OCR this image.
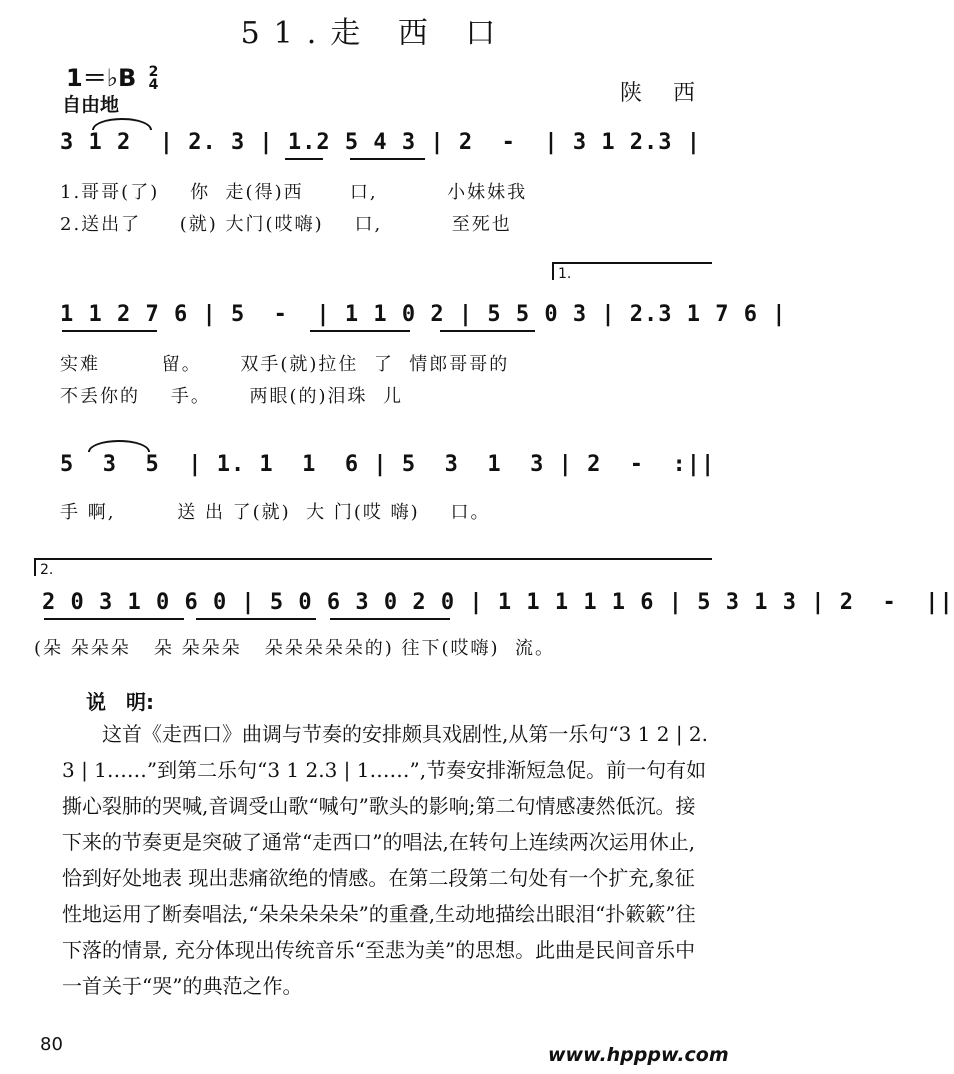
51.走 西 口
1＝♭B 2
4
自由地	陕 西
3 1 2  | 2. 3 | 1.2 5 4 3 | 2  -  | 3 1 2.3 |
1.哥哥(了)    你  走(得)西      口,         小妹妹我
2.送出了     (就) 大门(哎嗨)    口,         至死也
1.
1 1 2 7 6 | 5  -  | 1 1 0 2 | 5 5 0 3 | 2.3 1 7 6 |
实难        留。     双手(就)拉住  了  情郎哥哥的
不丢你的    手。     两眼(的)泪珠  儿
5  3  5  | 1. 1  1  6 | 5  3  1  3 | 2  -  :||
手 啊,        送 出 了(就)  大 门(哎 嗨)    口。
2.
2 0 3 1 0 6 0 | 5 0 6 3 0 2 0 | 1 1 1 1 1 6 | 5 3 1 3 | 2  -  ||
(朵 朵朵朵   朵 朵朵朵   朵朵朵朵朵的) 往下(哎嗨)  流。
说　明:
这首《走西口》曲调与节奏的安排颇具戏剧性,从第一乐句“3 1 2 | 2. 3 | 1……”到第二乐句“3 1 2.3 | 1……”,节奏安排渐短急促。前一句有如撕心裂肺的哭喊,音调受山歌“喊句”歌头的影响;第二句情感凄然低沉。接下来的节奏更是突破了通常“走西口”的唱法,在转句上连续两次运用休止,恰到好处地表 现出悲痛欲绝的情感。在第二段第二句处有一个扩充,象征性地运用了断奏唱法,“朵朵朵朵朵”的重叠,生动地描绘出眼泪“扑簌簌”往下落的情景, 充分体现出传统音乐“至悲为美”的思想。此曲是民间音乐中一首关于“哭”的典范之作。
80	www.hpppw.com
